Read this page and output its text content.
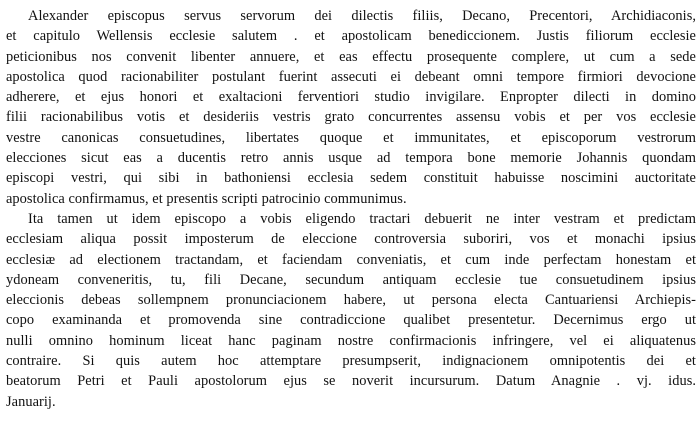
Alexander episcopus servus servorum dei dilectis filiis, Decano, Precentori, Archidiaconis,
et capitulo Wellensis ecclesie salutem . et apostolicam benediccionem. Justis filiorum ecclesie
peticionibus nos convenit libenter annuere, et eas effectu prosequente complere, ut cum a sede
apostolica quod racionabiliter postulant fuerint assecuti ei debeant omni tempore firmiori devocione
adherere, et ejus honori et exaltacioni ferventiori studio invigilare. Enpropter dilecti in domino
filii racionabilibus votis et desideriis vestris grato concurrentes assensu vobis et per vos ecclesie
vestre canonicas consuetudines, libertates quoque et immunitates, et episcoporum vestrorum
elecciones sicut eas a ducentis retro annis usque ad tempora bone memorie Johannis quondam
episcopi vestri, qui sibi in bathoniensi ecclesia sedem constituit habuisse noscimini auctoritate
apostolica confirmamus, et presentis scripti patrocinio communimus.
Ita tamen ut idem episcopo a vobis eligendo tractari debuerit ne inter vestram et predictam
ecclesiam aliqua possit imposterum de eleccione controversia suboriri, vos et monachi ipsius
ecclesiæ ad electionem tractandam, et faciendam conveniatis, et cum inde perfectam honestam et
ydoneam conveneritis, tu, fili Decane, secundum antiquam ecclesie tue consuetudinem ipsius
eleccionis debeas sollempnem pronunciacionem habere, ut persona electa Cantuariensi Archiepis-
copo examinanda et promovenda sine contradiccione qualibet presentetur. Decernimus ergo ut
nulli omnino hominum liceat hanc paginam nostre confirmacionis infringere, vel ei aliquatenus
contraire. Si quis autem hoc attemptare presumpserit, indignacionem omnipotentis dei et
beatorum Petri et Pauli apostolorum ejus se noverit incursurum. Datum Anagnie . vj. idus.
Januarij.
